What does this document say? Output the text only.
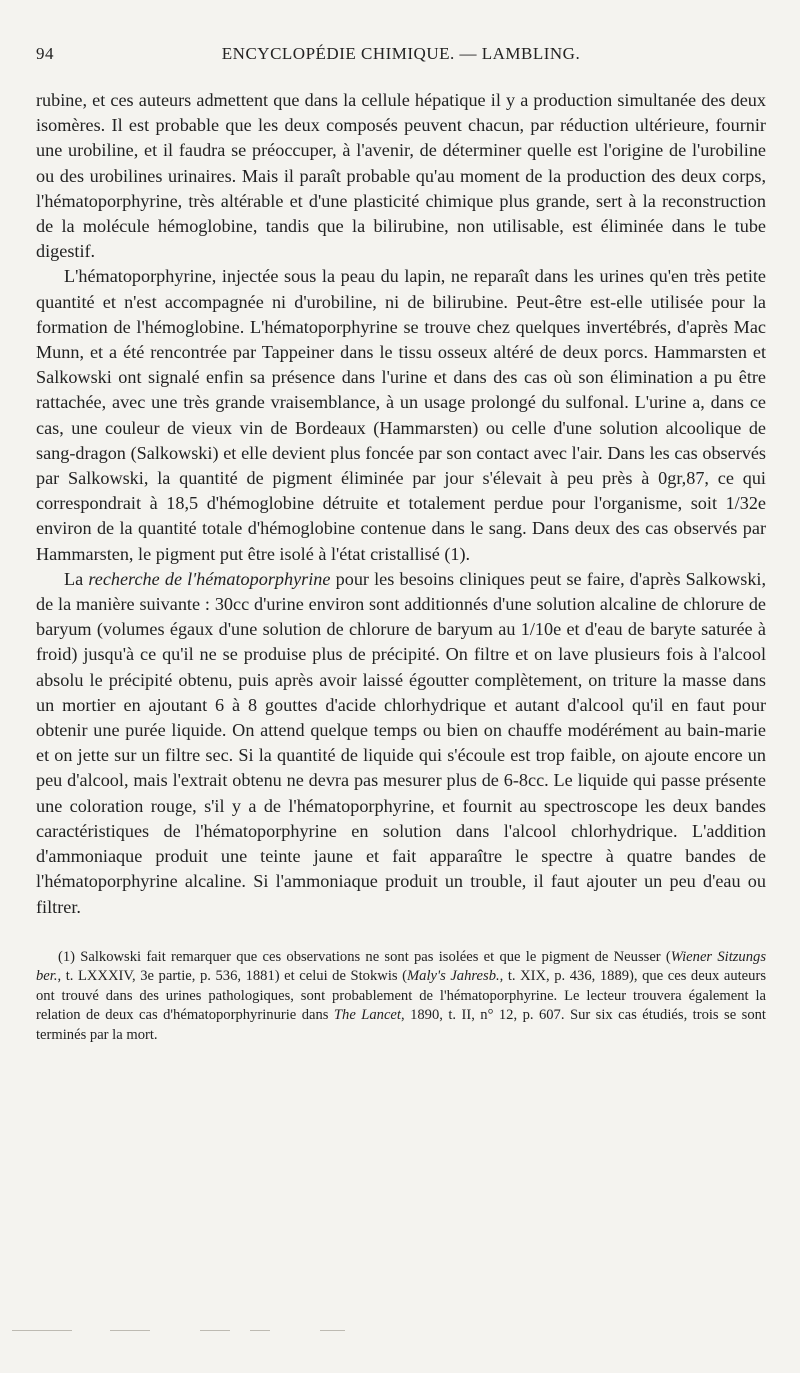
94	ENCYCLOPÉDIE CHIMIQUE. — LAMBLING.

rubine, et ces auteurs admettent que dans la cellule hépatique il y a production simultanée des deux isomères. Il est probable que les deux composés peuvent chacun, par réduction ultérieure, fournir une urobiline, et il faudra se préoccuper, à l'avenir, de déterminer quelle est l'origine de l'urobiline ou des urobilines urinaires. Mais il paraît probable qu'au moment de la production des deux corps, l'hématoporphyrine, très altérable et d'une plasticité chimique plus grande, sert à la reconstruction de la molécule hémoglobine, tandis que la bilirubine, non utilisable, est éliminée dans le tube digestif.

L'hématoporphyrine, injectée sous la peau du lapin, ne reparaît dans les urines qu'en très petite quantité et n'est accompagnée ni d'urobiline, ni de bilirubine. Peut-être est-elle utilisée pour la formation de l'hémoglobine. L'hématoporphyrine se trouve chez quelques invertébrés, d'après Mac Munn, et a été rencontrée par Tappeiner dans le tissu osseux altéré de deux porcs. Hammarsten et Salkowski ont signalé enfin sa présence dans l'urine et dans des cas où son élimination a pu être rattachée, avec une très grande vraisemblance, à un usage prolongé du sulfonal. L'urine a, dans ce cas, une couleur de vieux vin de Bordeaux (Hammarsten) ou celle d'une solution alcoolique de sang-dragon (Salkowski) et elle devient plus foncée par son contact avec l'air. Dans les cas observés par Salkowski, la quantité de pigment éliminée par jour s'élevait à peu près à 0gr,87, ce qui correspondrait à 18,5 d'hémoglobine détruite et totalement perdue pour l'organisme, soit 1/32e environ de la quantité totale d'hémoglobine contenue dans le sang. Dans deux des cas observés par Hammarsten, le pigment put être isolé à l'état cristallisé (1).

La recherche de l'hématoporphyrine pour les besoins cliniques peut se faire, d'après Salkowski, de la manière suivante : 30cc d'urine environ sont additionnés d'une solution alcaline de chlorure de baryum (volumes égaux d'une solution de chlorure de baryum au 1/10e et d'eau de baryte saturée à froid) jusqu'à ce qu'il ne se produise plus de précipité. On filtre et on lave plusieurs fois à l'alcool absolu le précipité obtenu, puis après avoir laissé égoutter complètement, on triture la masse dans un mortier en ajoutant 6 à 8 gouttes d'acide chlorhydrique et autant d'alcool qu'il en faut pour obtenir une purée liquide. On attend quelque temps ou bien on chauffe modérément au bain-marie et on jette sur un filtre sec. Si la quantité de liquide qui s'écoule est trop faible, on ajoute encore un peu d'alcool, mais l'extrait obtenu ne devra pas mesurer plus de 6-8cc. Le liquide qui passe présente une coloration rouge, s'il y a de l'hématoporphyrine, et fournit au spectroscope les deux bandes caractéristiques de l'hématoporphyrine en solution dans l'alcool chlorhydrique. L'addition d'ammoniaque produit une teinte jaune et fait apparaître le spectre à quatre bandes de l'hématoporphyrine alcaline. Si l'ammoniaque produit un trouble, il faut ajouter un peu d'eau ou filtrer.

(1) Salkowski fait remarquer que ces observations ne sont pas isolées et que le pigment de Neusser (Wiener Sitzungs ber., t. LXXXIV, 3e partie, p. 536, 1881) et celui de Stokwis (Maly's Jahresb., t. XIX, p. 436, 1889), que ces deux auteurs ont trouvé dans des urines pathologiques, sont probablement de l'hématoporphyrine. Le lecteur trouvera également la relation de deux cas d'hématoporphyrinurie dans The Lancet, 1890, t. II, n° 12, p. 607. Sur six cas étudiés, trois se sont terminés par la mort.
